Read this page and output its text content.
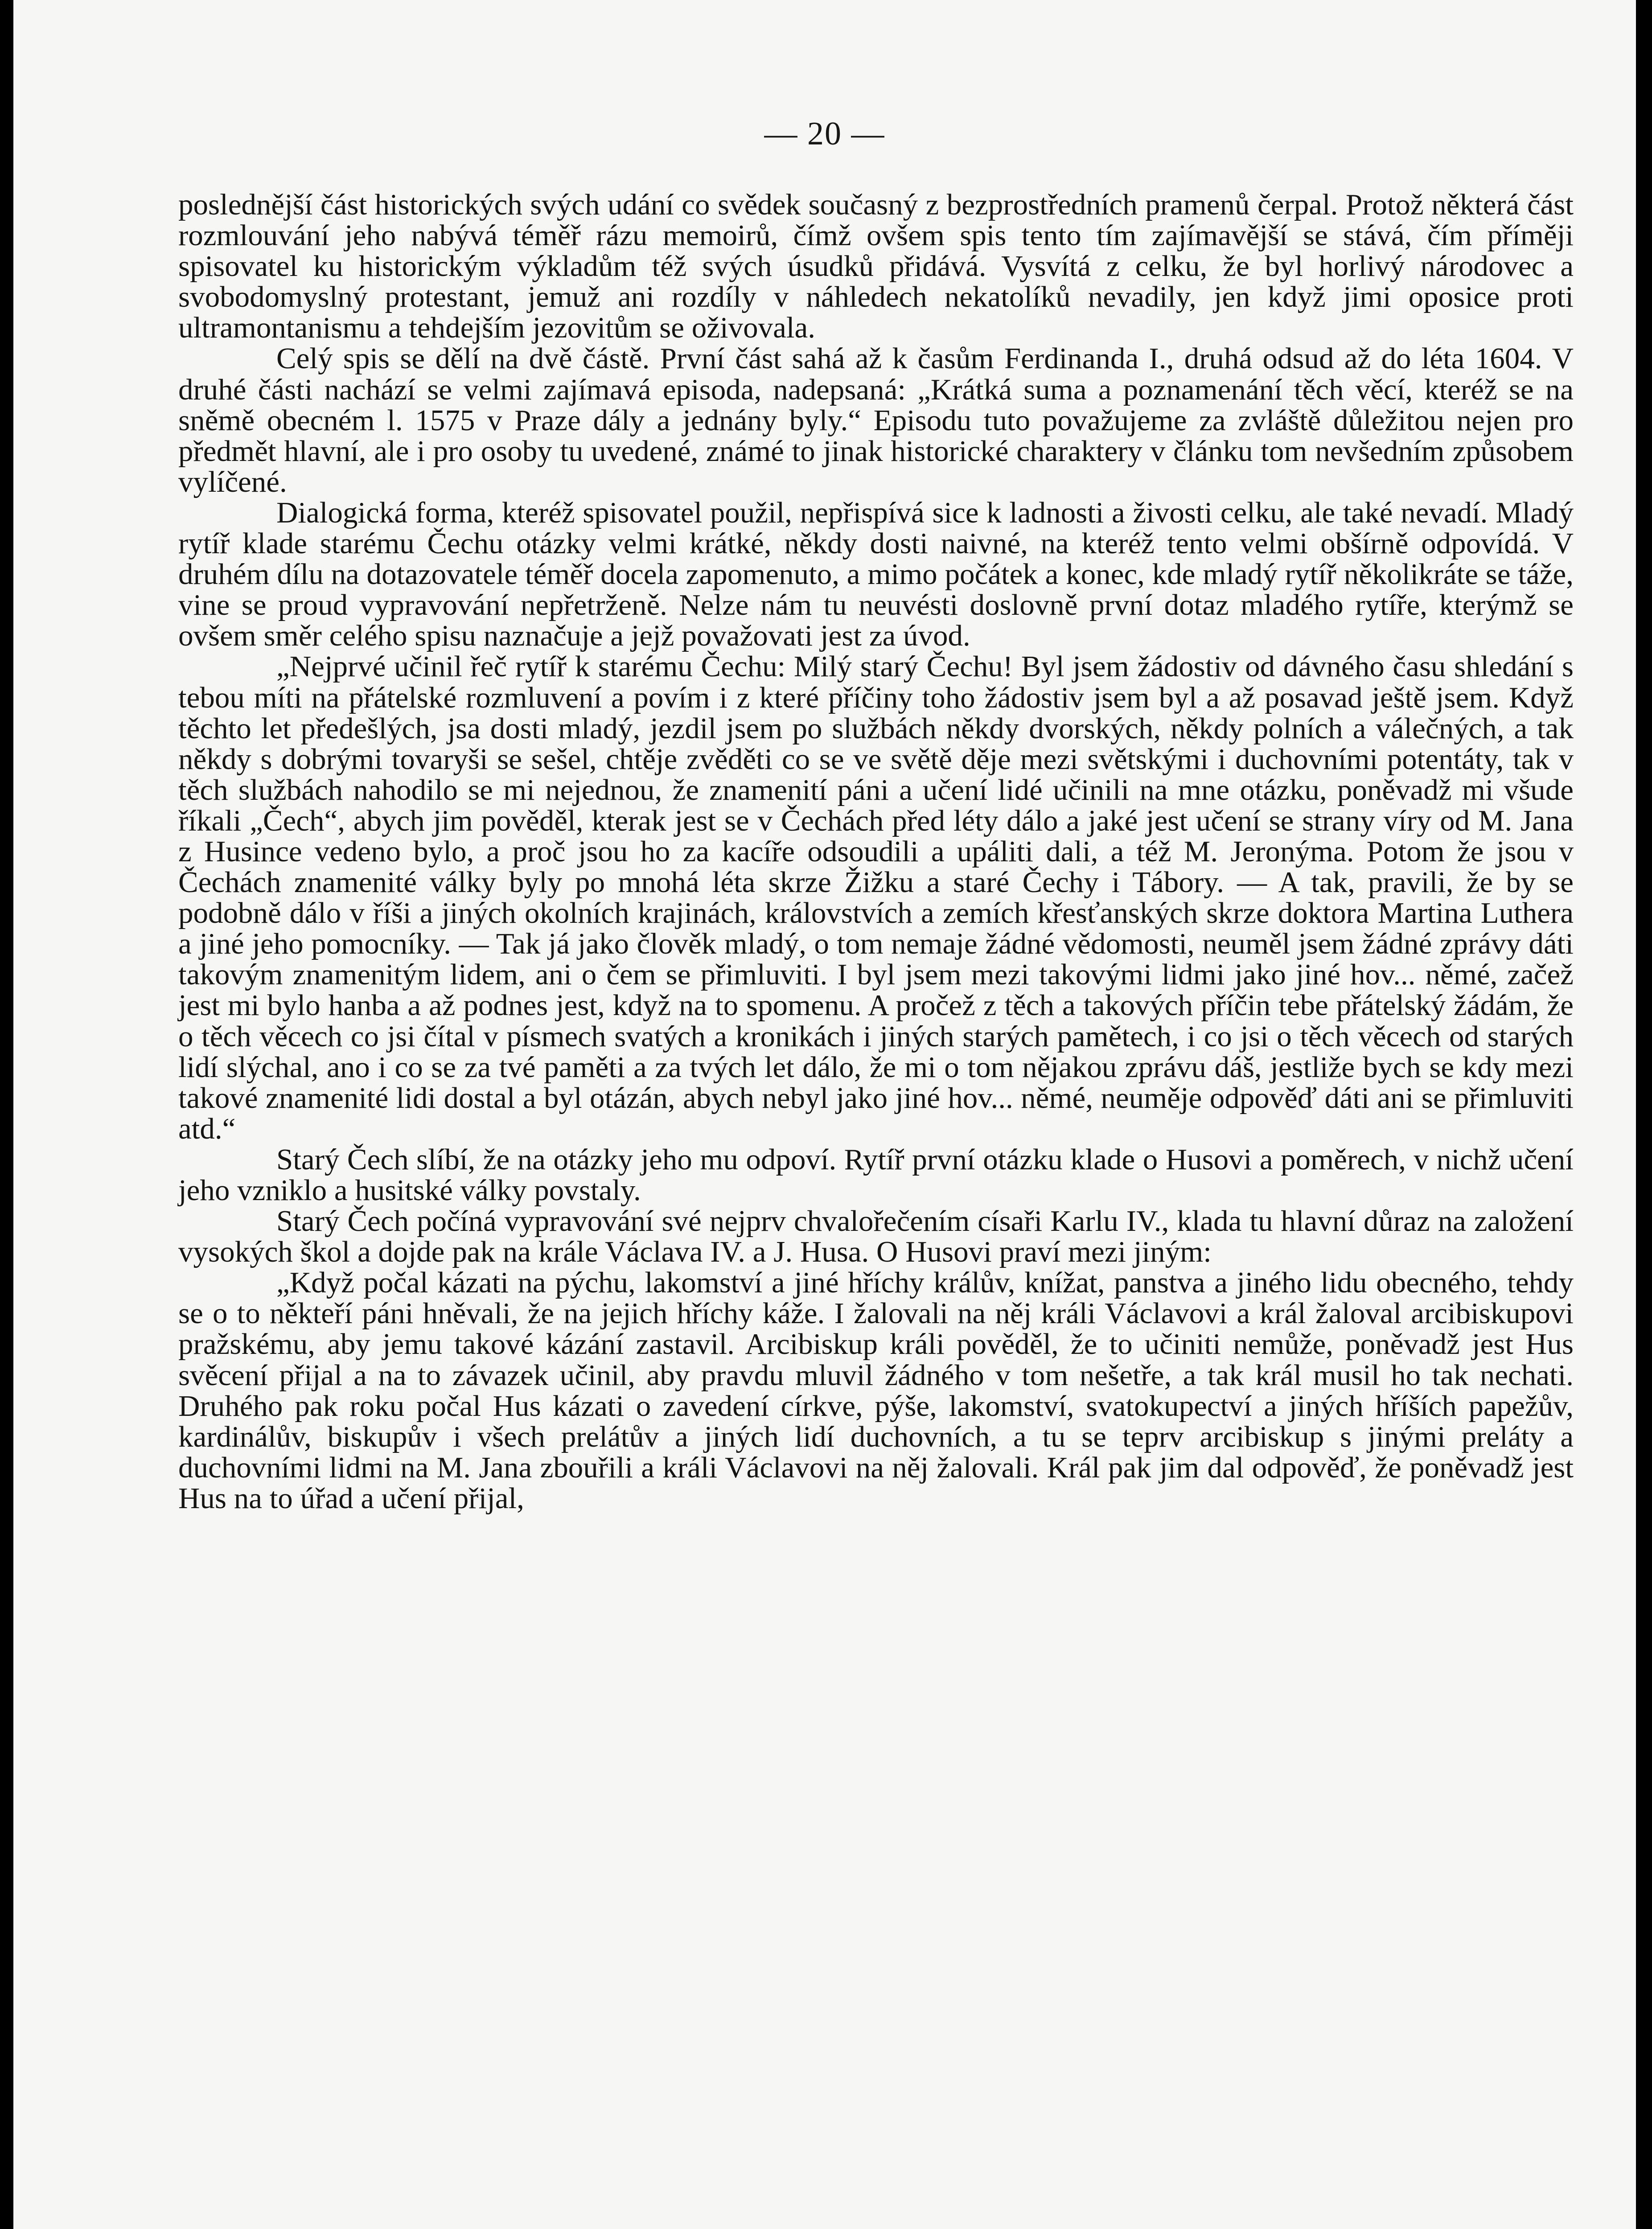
— 20 —

poslednější část historických svých udání co svědek současný z bezprostředních pramenů čerpal. Protož některá část rozmlouvání jeho nabývá téměř rázu memoirů, čímž ovšem spis tento tím zajímavější se stává, čím příměji spisovatel ku historickým výkladům též svých úsudků přidává. Vysvítá z celku, že byl horlivý národovec a svobodomyslný protestant, jemuž ani rozdíly v náhledech nekatolíků nevadily, jen když jimi oposice proti ultramontanismu a tehdejším jezovitům se oživovala.

Celý spis se dělí na dvě částě. První část sahá až k časům Ferdinanda I., druhá odsud až do léta 1604. V druhé části nachází se velmi zajímavá episoda, nadepsaná: „Krátká suma a poznamenání těch věcí, kteréž se na sněmě obecném l. 1575 v Praze dály a jednány byly.“ Episodu tuto považujeme za zvláště důležitou nejen pro předmět hlavní, ale i pro osoby tu uvedené, známé to jinak historické charaktery v článku tom nevšedním způsobem vylíčené.

Dialogická forma, kteréž spisovatel použil, nepřispívá sice k ladnosti a živosti celku, ale také nevadí. Mladý rytíř klade starému Čechu otázky velmi krátké, někdy dosti naivné, na kteréž tento velmi obšírně odpovídá. V druhém dílu na dotazovatele téměř docela zapomenuto, a mimo počátek a konec, kde mladý rytíř několikráte se táže, vine se proud vypravování nepřetrženě. Nelze nám tu neuvésti doslovně první dotaz mladého rytíře, kterýmž se ovšem směr celého spisu naznačuje a jejž považovati jest za úvod.

„Nejprvé učinil řeč rytíř k starému Čechu: Milý starý Čechu! Byl jsem žádostiv od dávného času shledání s tebou míti na přátelské rozmluvení a povím i z které příčiny toho žádostiv jsem byl a až posavad ještě jsem. Když těchto let předešlých, jsa dosti mladý, jezdil jsem po službách někdy dvorských, někdy polních a válečných, a tak někdy s dobrými tovaryši se sešel, chtěje zvěděti co se ve světě děje mezi světskými i duchovními potentáty, tak v těch službách nahodilo se mi nejednou, že znamenití páni a učení lidé učinili na mne otázku, poněvadž mi všude říkali „Čech“, abych jim pověděl, kterak jest se v Čechách před léty dálo a jaké jest učení se strany víry od M. Jana z Husince vedeno bylo, a proč jsou ho za kacíře odsoudili a upáliti dali, a též M. Jeronýma. Potom že jsou v Čechách znamenité války byly po mnohá léta skrze Žižku a staré Čechy i Tábory. — A tak, pravili, že by se podobně dálo v říši a jiných okolních krajinách, královstvích a zemích křesťanských skrze doktora Martina Luthera a jiné jeho pomocníky. — Tak já jako člověk mladý, o tom nemaje žádné vědomosti, neuměl jsem žádné zprávy dáti takovým znamenitým lidem, ani o čem se přimluviti. I byl jsem mezi takovými lidmi jako jiné hov... němé, začež jest mi bylo hanba a až podnes jest, když na to spomenu. A pročež z těch a takových příčin tebe přátelský žádám, že o těch věcech co jsi čítal v písmech svatých a kronikách i jiných starých pamětech, i co jsi o těch věcech od starých lidí slýchal, ano i co se za tvé paměti a za tvých let dálo, že mi o tom nějakou zprávu dáš, jestliže bych se kdy mezi takové znamenité lidi dostal a byl otázán, abych nebyl jako jiné hov... němé, neuměje odpověď dáti ani se přimluviti atd.“

Starý Čech slíbí, že na otázky jeho mu odpoví. Rytíř první otázku klade o Husovi a poměrech, v nichž učení jeho vzniklo a husitské války povstaly.

Starý Čech počíná vypravování své nejprv chvalořečením císaři Karlu IV., klada tu hlavní důraz na založení vysokých škol a dojde pak na krále Václava IV. a J. Husa. O Husovi praví mezi jiným:

„Když počal kázati na pýchu, lakomství a jiné hříchy králův, knížat, panstva a jiného lidu obecného, tehdy se o to někteří páni hněvali, že na jejich hříchy káže. I žalovali na něj králi Václavovi a král žaloval arcibiskupovi pražskému, aby jemu takové kázání zastavil. Arcibiskup králi pověděl, že to učiniti nemůže, poněvadž jest Hus svěcení přijal a na to závazek učinil, aby pravdu mluvil žádného v tom nešetře, a tak král musil ho tak nechati. Druhého pak roku počal Hus kázati o zavedení církve, pýše, lakomství, svatokupectví a jiných hříších papežův, kardinálův, biskupův i všech prelátův a jiných lidí duchovních, a tu se teprv arcibiskup s jinými preláty a duchovními lidmi na M. Jana zbouřili a králi Václavovi na něj žalovali. Král pak jim dal odpověď, že poněvadž jest Hus na to úřad a učení přijal,
